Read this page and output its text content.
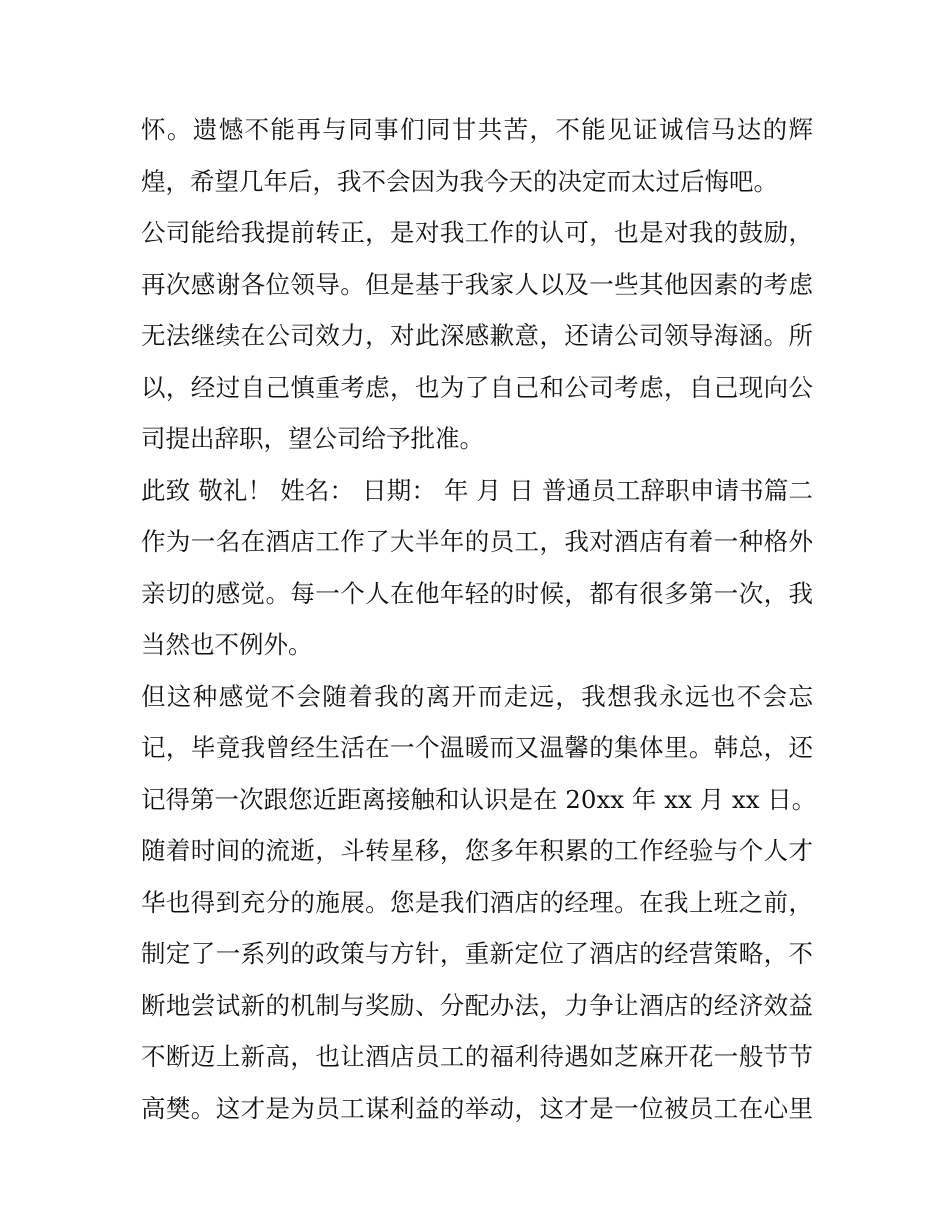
怀。遗憾不能再与同事们同甘共苦，不能见证诚信马达的辉
煌，希望几年后，我不会因为我今天的决定而太过后悔吧。
公司能给我提前转正，是对我工作的认可，也是对我的鼓励，
再次感谢各位领导。但是基于我家人以及一些其他因素的考虑
无法继续在公司效力，对此深感歉意，还请公司领导海涵。所
以，经过自己慎重考虑，也为了自己和公司考虑，自己现向公
司提出辞职，望公司给予批准。
此致 敬礼！ 姓名： 日期： 年 月 日 普通员工辞职申请书篇二
作为一名在酒店工作了大半年的员工，我对酒店有着一种格外
亲切的感觉。每一个人在他年轻的时候，都有很多第一次，我
当然也不例外。
但这种感觉不会随着我的离开而走远，我想我永远也不会忘
记，毕竟我曾经生活在一个温暖而又温馨的集体里。韩总，还
记得第一次跟您近距离接触和认识是在 20xx 年 xx 月 xx 日。
随着时间的流逝，斗转星移，您多年积累的工作经验与个人才
华也得到充分的施展。您是我们酒店的经理。在我上班之前，
制定了一系列的政策与方针，重新定位了酒店的经营策略，不
断地尝试新的机制与奖励、分配办法，力争让酒店的经济效益
不断迈上新高，也让酒店员工的福利待遇如芝麻开花一般节节
高樊。这才是为员工谋利益的举动，这才是一位被员工在心里
